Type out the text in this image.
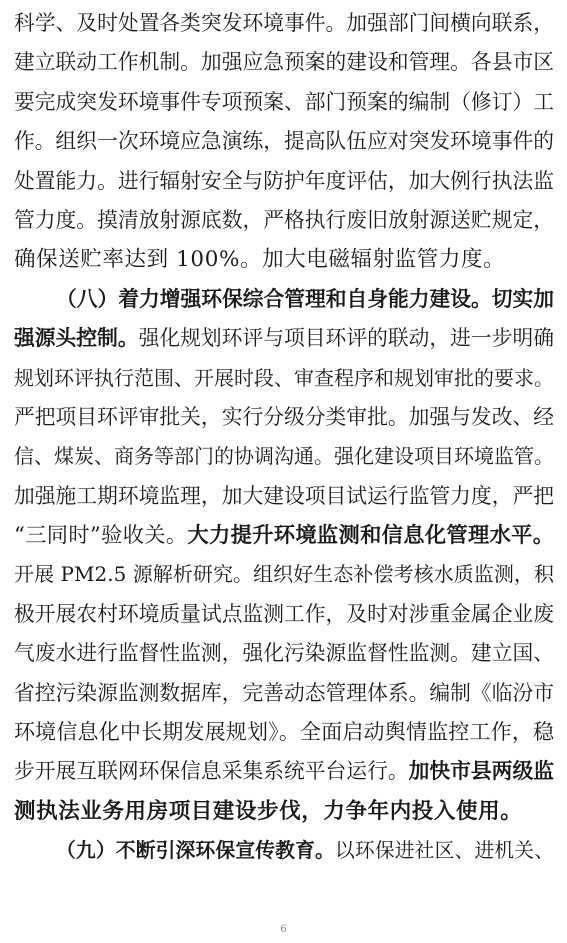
科学、及时处置各类突发环境事件。加强部门间横向联系，
建立联动工作机制。加强应急预案的建设和管理。各县市区
要完成突发环境事件专项预案、部门预案的编制（修订）工
作。组织一次环境应急演练，提高队伍应对突发环境事件的
处置能力。进行辐射安全与防护年度评估，加大例行执法监
管力度。摸清放射源底数，严格执行废旧放射源送贮规定，
确保送贮率达到 100%。加大电磁辐射监管力度。
（八）着力增强环保综合管理和自身能力建设。切实加
强源头控制。强化规划环评与项目环评的联动，进一步明确
规划环评执行范围、开展时段、审查程序和规划审批的要求。
严把项目环评审批关，实行分级分类审批。加强与发改、经
信、煤炭、商务等部门的协调沟通。强化建设项目环境监管。
加强施工期环境监理，加大建设项目试运行监管力度，严把
“三同时”验收关。大力提升环境监测和信息化管理水平。
开展 PM2.5 源解析研究。组织好生态补偿考核水质监测，积
极开展农村环境质量试点监测工作，及时对涉重金属企业废
气废水进行监督性监测，强化污染源监督性监测。建立国、
省控污染源监测数据库，完善动态管理体系。编制《临汾市
环境信息化中长期发展规划》。全面启动舆情监控工作，稳
步开展互联网环保信息采集系统平台运行。加快市县两级监
测执法业务用房项目建设步伐，力争年内投入使用。
（九）不断引深环保宣传教育。以环保进社区、进机关、
6
